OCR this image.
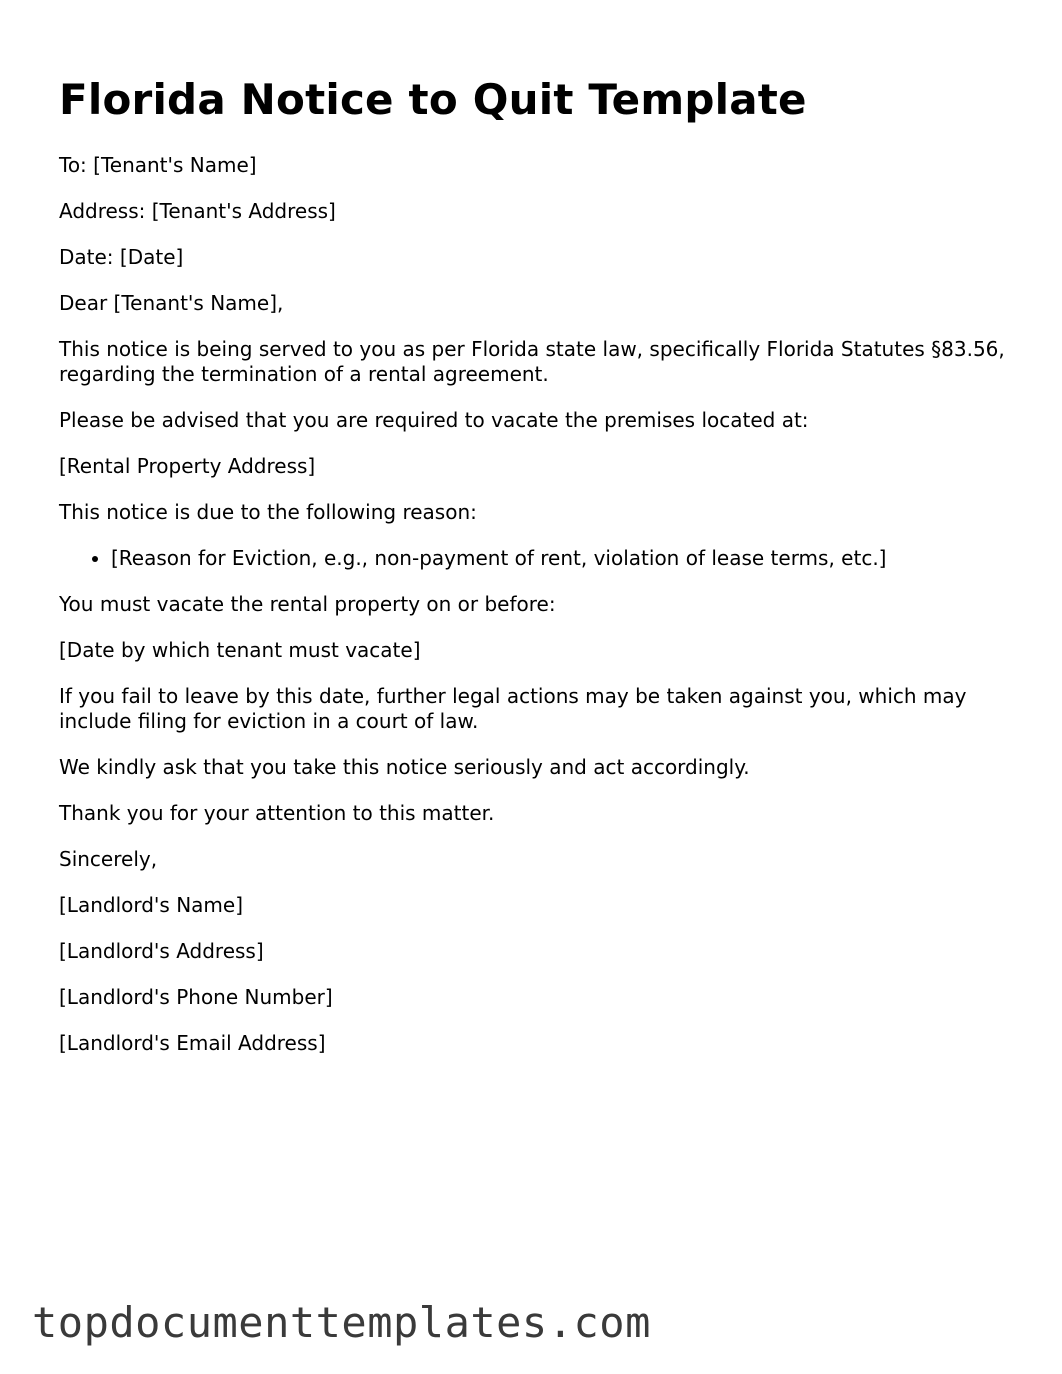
Florida Notice to Quit Template

To: [Tenant's Name]

Address: [Tenant's Address]

Date: [Date]

Dear [Tenant's Name],

This notice is being served to you as per Florida state law, specifically Florida Statutes §83.56, regarding the termination of a rental agreement.

Please be advised that you are required to vacate the premises located at:

[Rental Property Address]

This notice is due to the following reason:

• [Reason for Eviction, e.g., non-payment of rent, violation of lease terms, etc.]

You must vacate the rental property on or before:

[Date by which tenant must vacate]

If you fail to leave by this date, further legal actions may be taken against you, which may include filing for eviction in a court of law.

We kindly ask that you take this notice seriously and act accordingly.

Thank you for your attention to this matter.

Sincerely,

[Landlord's Name]

[Landlord's Address]

[Landlord's Phone Number]

[Landlord's Email Address]

topdocumenttemplates.com
